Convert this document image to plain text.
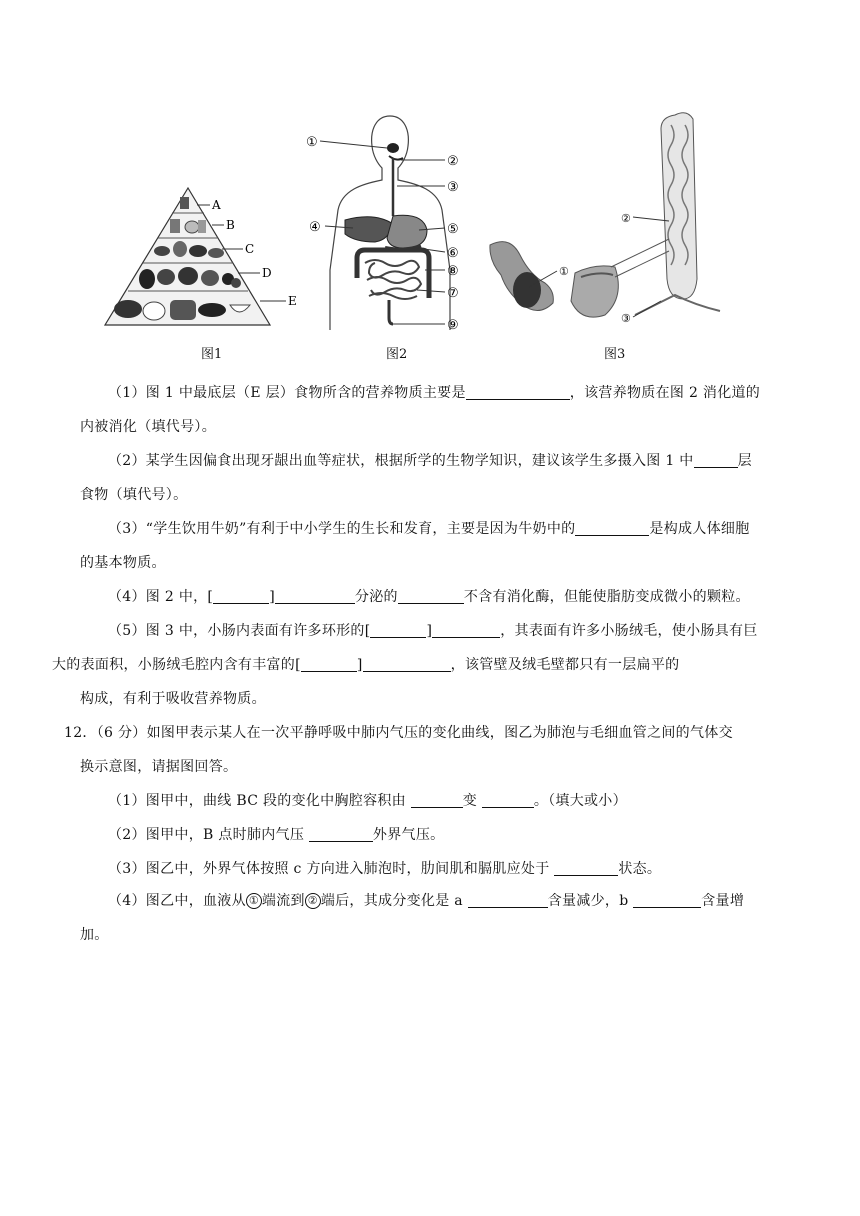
A
B
C
D
E
①
②
③
④	⑤
⑥
⑧
⑦
⑨
①
②
③
图1	图2	图3
（1）图 1 中最底层（E 层）食物所含的营养物质主要是	，该营养物质在图 2 消化道的
内被消化（填代号）。
（2）某学生因偏食出现牙龈出血等症状，根据所学的生物学知识，建议该学生多摄入图 1 中	层
食物（填代号）。
（3）“学生饮用牛奶”有利于中小学生的生长和发育，主要是因为牛奶中的	是构成人体细胞
的基本物质。
（4）图 2 中，[	]	分泌的	不含有消化酶，但能使脂肪变成微小的颗粒。
（5）图 3 中，小肠内表面有许多环形的[	]	，其表面有许多小肠绒毛，使小肠具有巨
大的表面积，小肠绒毛腔内含有丰富的[	]	，该管壁及绒毛壁都只有一层扁平的
构成，有利于吸收营养物质。
12．（6 分）如图甲表示某人在一次平静呼吸中肺内气压的变化曲线，图乙为肺泡与毛细血管之间的气体交
换示意图，请据图回答。
（1）图甲中，曲线 BC 段的变化中胸腔容积由	变	。（填大或小）
（2）图甲中，B 点时肺内气压	外界气压。
（3）图乙中，外界气体按照 c 方向进入肺泡时，肋间肌和膈肌应处于	状态。
（4）图乙中，血液从 ① 端流到 ② 端后，其成分变化是 a	含量减少，b	含量增
加。
